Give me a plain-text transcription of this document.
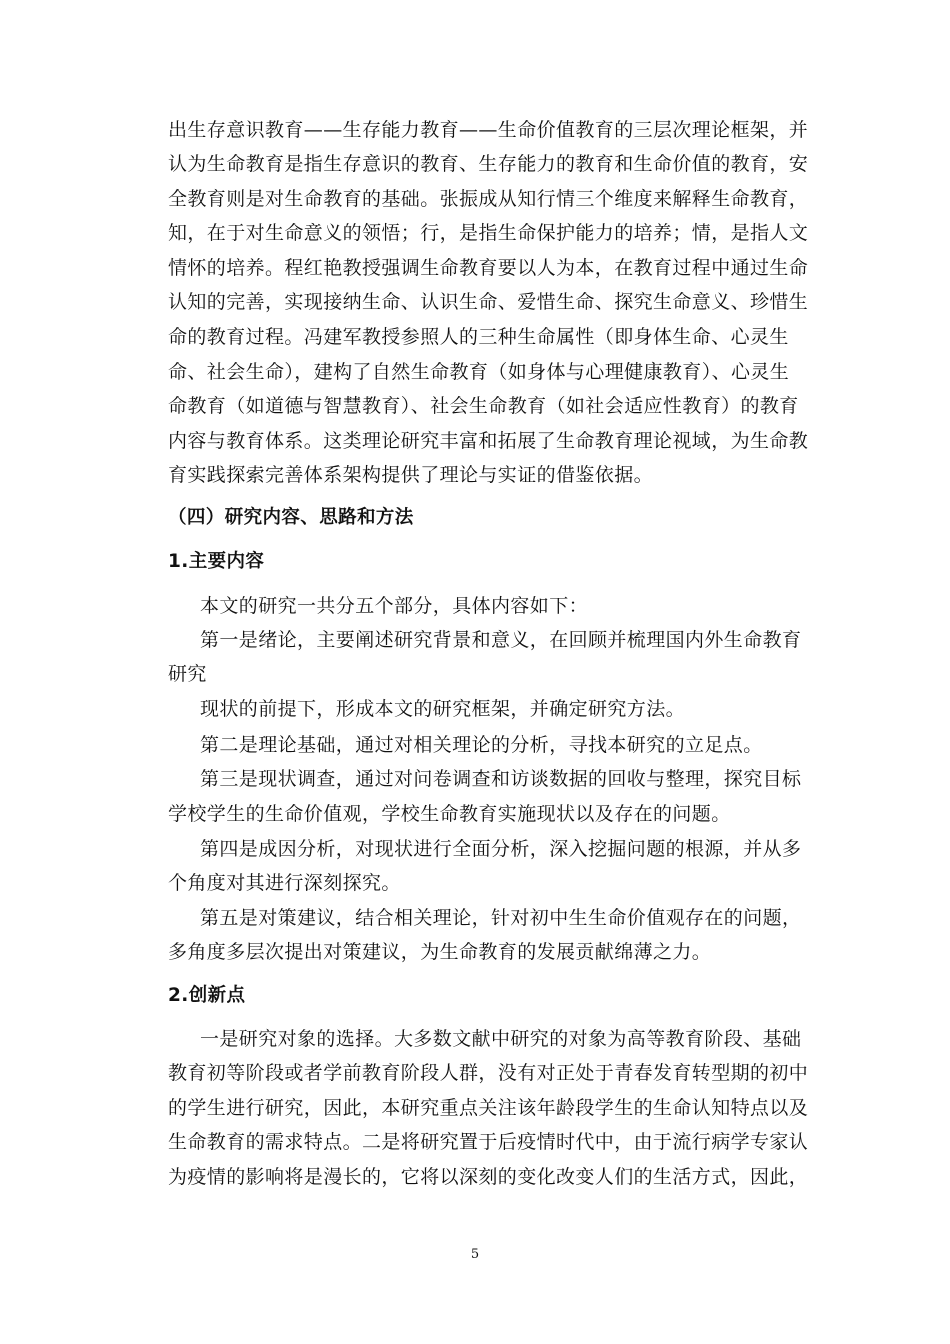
出生存意识教育——生存能力教育——生命价值教育的三层次理论框架，并
认为生命教育是指生存意识的教育、生存能力的教育和生命价值的教育，安
全教育则是对生命教育的基础。张振成从知行情三个维度来解释生命教育，
知，在于对生命意义的领悟；行，是指生命保护能力的培养；情，是指人文
情怀的培养。程红艳教授强调生命教育要以人为本，在教育过程中通过生命
认知的完善，实现接纳生命、认识生命、爱惜生命、探究生命意义、珍惜生
命的教育过程。冯建军教授参照人的三种生命属性（即身体生命、心灵生
命、社会生命），建构了自然生命教育（如身体与心理健康教育）、心灵生
命教育（如道德与智慧教育）、社会生命教育（如社会适应性教育）的教育
内容与教育体系。这类理论研究丰富和拓展了生命教育理论视域，为生命教
育实践探索完善体系架构提供了理论与实证的借鉴依据。
（四）研究内容、思路和方法
1.主要内容
本文的研究一共分五个部分，具体内容如下：
第一是绪论，主要阐述研究背景和意义，在回顾并梳理国内外生命教育
研究
现状的前提下，形成本文的研究框架，并确定研究方法。
第二是理论基础，通过对相关理论的分析，寻找本研究的立足点。
第三是现状调查，通过对问卷调查和访谈数据的回收与整理，探究目标
学校学生的生命价值观，学校生命教育实施现状以及存在的问题。
第四是成因分析，对现状进行全面分析，深入挖掘问题的根源，并从多
个角度对其进行深刻探究。
第五是对策建议，结合相关理论，针对初中生生命价值观存在的问题，
多角度多层次提出对策建议，为生命教育的发展贡献绵薄之力。
2.创新点
一是研究对象的选择。大多数文献中研究的对象为高等教育阶段、基础
教育初等阶段或者学前教育阶段人群，没有对正处于青春发育转型期的初中
的学生进行研究，因此，本研究重点关注该年龄段学生的生命认知特点以及
生命教育的需求特点。二是将研究置于后疫情时代中，由于流行病学专家认
为疫情的影响将是漫长的，它将以深刻的变化改变人们的生活方式，因此，
5
